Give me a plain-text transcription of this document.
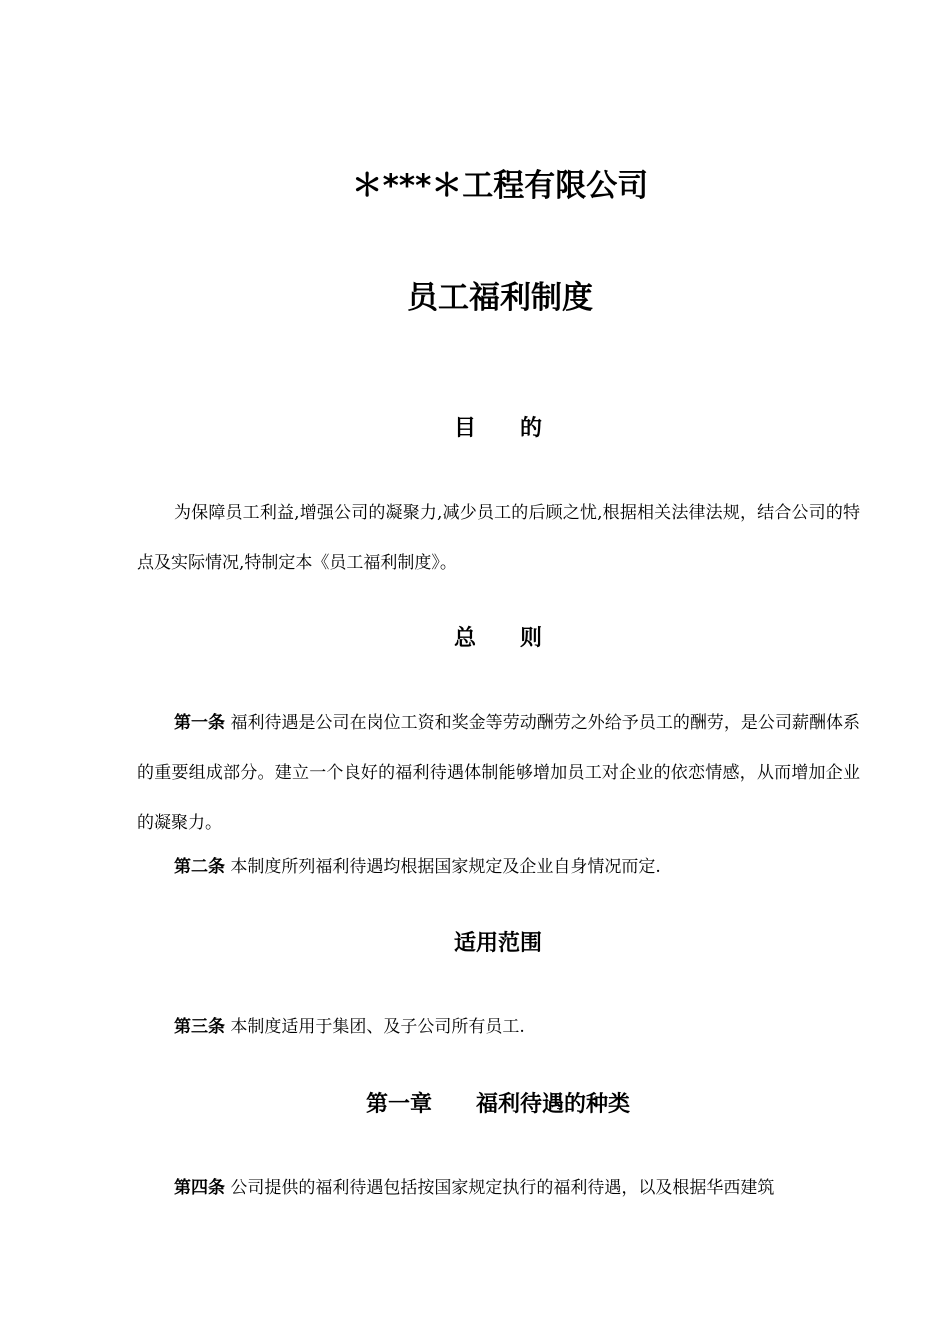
＊***＊工程有限公司
员工福利制度
目　　的

为保障员工利益,增强公司的凝聚力,减少员工的后顾之忧,根据相关法律法规，结合公司的特点及实际情况,特制定本《员工福利制度》。

总　　则

第一条 福利待遇是公司在岗位工资和奖金等劳动酬劳之外给予员工的酬劳，是公司薪酬体系的重要组成部分。建立一个良好的福利待遇体制能够增加员工对企业的依恋情感，从而增加企业的凝聚力。

第二条 本制度所列福利待遇均根据国家规定及企业自身情况而定.

适用范围

第三条 本制度适用于集团、及子公司所有员工.

第一章　　福利待遇的种类

第四条 公司提供的福利待遇包括按国家规定执行的福利待遇，以及根据华西建筑
